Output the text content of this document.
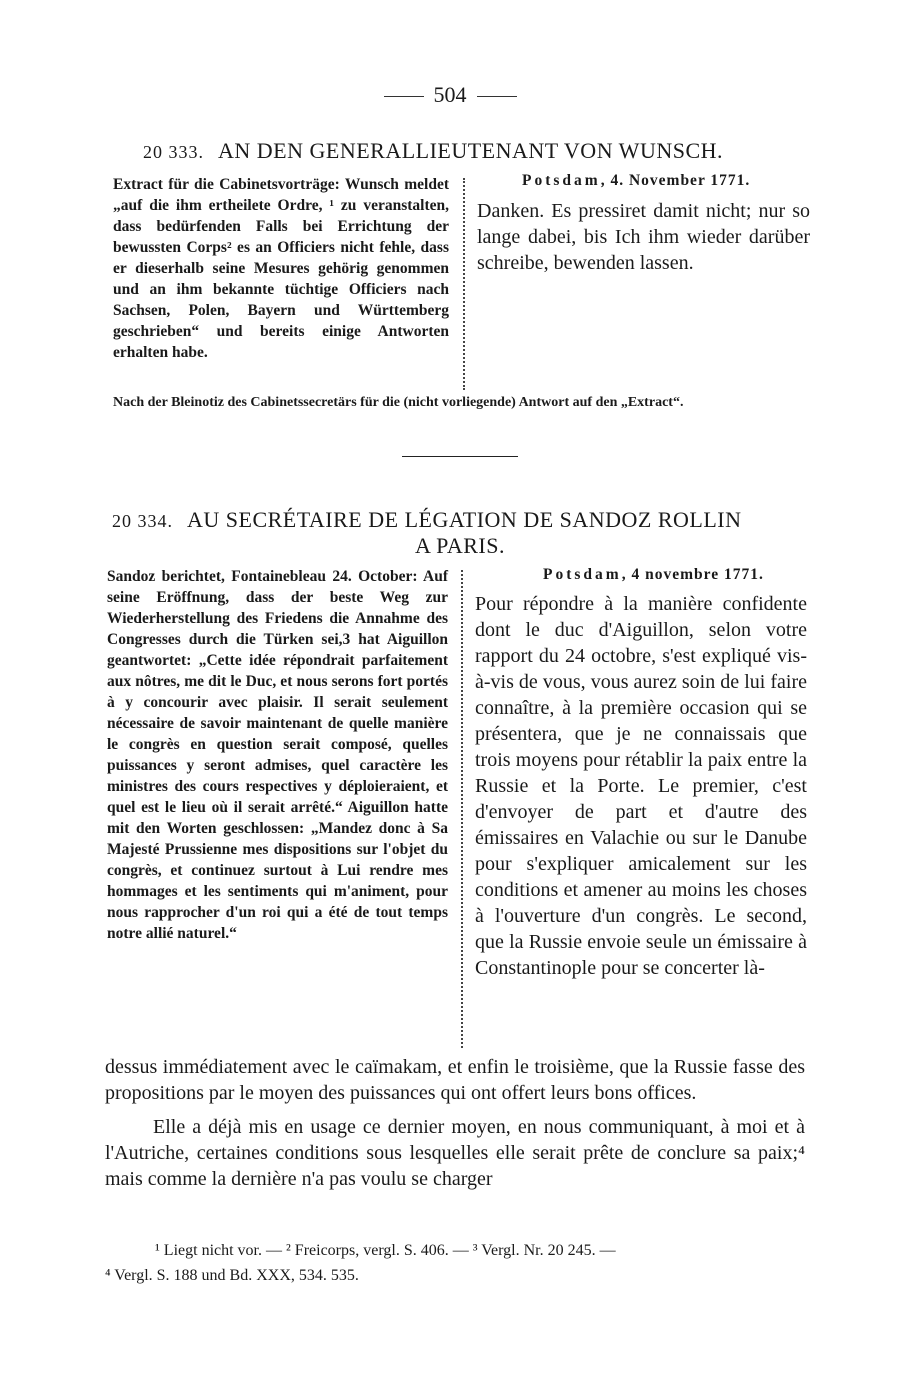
504
20 333. AN DEN GENERALLIEUTENANT VON WUNSCH.

Extract für die Cabinetsvorträge: Wunsch meldet „auf die ihm ertheilete Ordre, ¹ zu veranstalten, dass bedürfenden Falls bei Errichtung der bewussten Corps² es an Officiers nicht fehle, dass er dieserhalb seine Mesures gehörig genommen und an ihm bekannte tüchtige Officiers nach Sachsen, Polen, Bayern und Württemberg geschrieben“ und bereits einige Antworten erhalten habe.

Potsdam, 4. November 1771.
Danken. Es pressiret damit nicht; nur so lange dabei, bis Ich ihm wieder darüber schreibe, bewenden lassen.
Nach der Bleinotiz des Cabinetssecretärs für die (nicht vorliegende) Antwort auf den „Extract“.
20 334. AU SECRÉTAIRE DE LÉGATION DE SANDOZ ROLLIN
A PARIS.

Sandoz berichtet, Fontainebleau 24. October: Auf seine Eröffnung, dass der beste Weg zur Wiederherstellung des Friedens die Annahme des Congresses durch die Türken sei,3 hat Aiguillon geantwortet: „Cette idée répondrait parfaitement aux nôtres, me dit le Duc, et nous serons fort portés à y concourir avec plaisir. Il serait seulement nécessaire de savoir maintenant de quelle manière le congrès en question serait composé, quelles puissances y seront admises, quel caractère les ministres des cours respectives y déploieraient, et quel est le lieu où il serait arrêté.“ Aiguillon hatte mit den Worten geschlossen: „Mandez donc à Sa Majesté Prussienne mes dispositions sur l'objet du congrès, et continuez surtout à Lui rendre mes hommages et les sentiments qui m'animent, pour nous rapprocher d'un roi qui a été de tout temps notre allié naturel.“

Potsdam, 4 novembre 1771.
Pour répondre à la manière confidente dont le duc d'Aiguillon, selon votre rapport du 24 octobre, s'est expliqué vis-à-vis de vous, vous aurez soin de lui faire connaître, à la première occasion qui se présentera, que je ne connaissais que trois moyens pour rétablir la paix entre la Russie et la Porte. Le premier, c'est d'envoyer de part et d'autre des émissaires en Valachie ou sur le Danube pour s'expliquer amicalement sur les conditions et amener au moins les choses à l'ouverture d'un congrès. Le second, que la Russie envoie seule un émissaire à Constantinople pour se concerter là-

dessus immédiatement avec le caïmakam, et enfin le troisième, que la Russie fasse des propositions par le moyen des puissances qui ont offert leurs bons offices.

Elle a déjà mis en usage ce dernier moyen, en nous communiquant, à moi et à l'Autriche, certaines conditions sous lesquelles elle serait prête de conclure sa paix;⁴ mais comme la dernière n'a pas voulu se charger

¹ Liegt nicht vor. — ² Freicorps, vergl. S. 406. — ³ Vergl. Nr. 20 245. —
⁴ Vergl. S. 188 und Bd. XXX, 534. 535.
